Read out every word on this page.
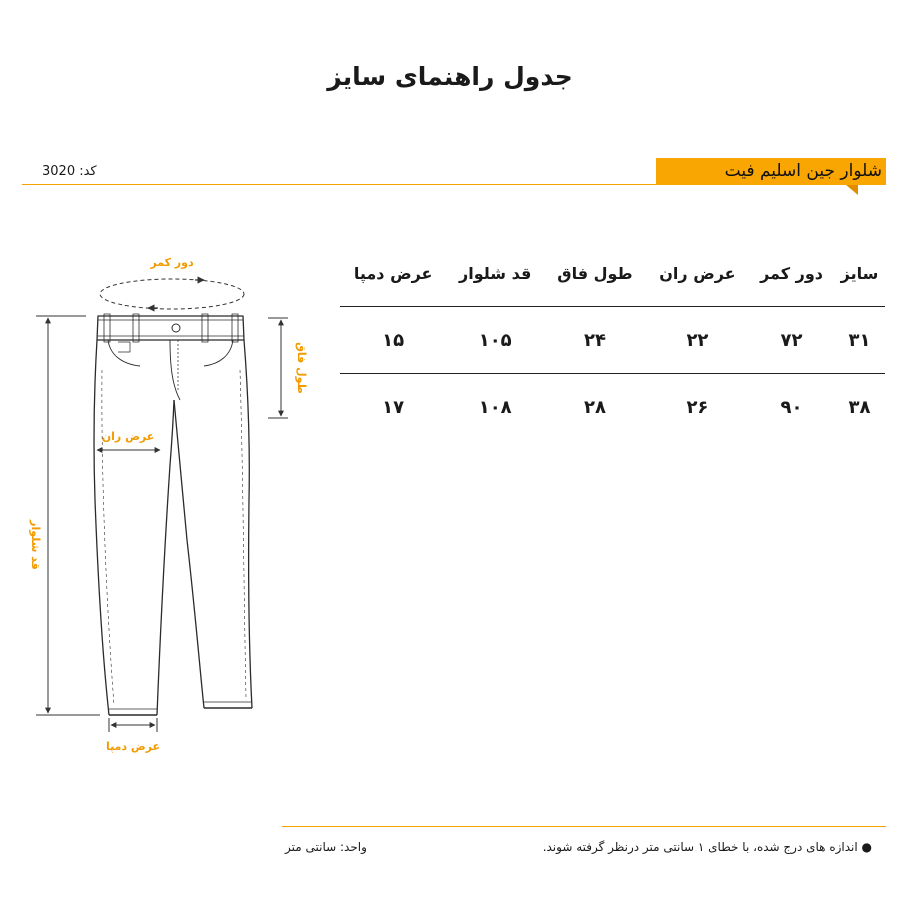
جدول راهنمای سایز
کد: 3020	شلوار جین اسلیم فیت
سایز	دور کمر	عرض ران	طول فاق	قد شلوار	عرض دمپا
۳۱	۷۲	۲۲	۲۴	۱۰۵	۱۵
۳۸	۹۰	۲۶	۲۸	۱۰۸	۱۷
دور کمر
طول فاق
عرض ران
قد شلوار
عرض دمپا
● اندازه های درج شده، با خطای ۱ سانتی متر درنظر گرفته شوند.
واحد: سانتی متر
